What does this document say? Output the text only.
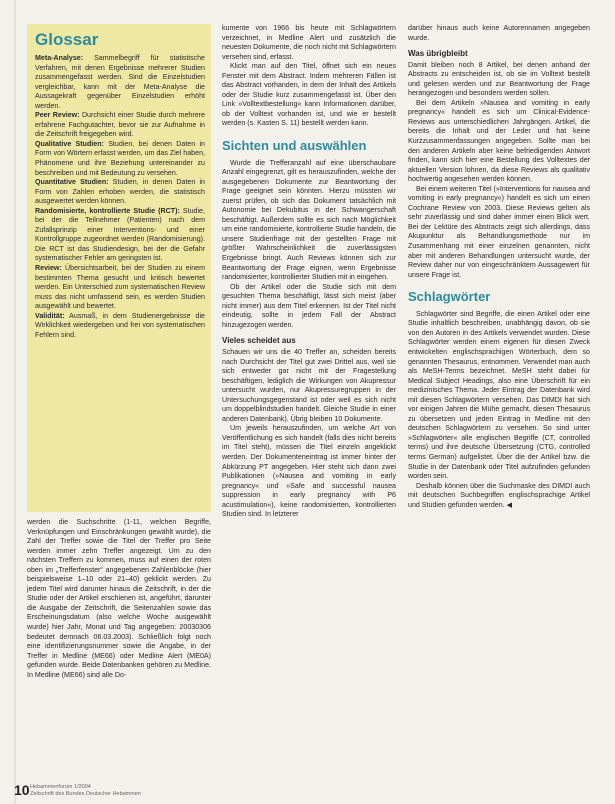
Glossar

Meta-Analyse: Sammelbegriff für statistische Verfahren, mit denen Ergebnisse mehrerer Studien zusammengefasst werden. Sind die Einzelstudien vergleichbar, kann mit der Meta-Analyse die Aussagekraft gegenüber Einzelstudien erhöht werden.

Peer Review: Durchsicht einer Studie durch mehrere erfahrene Fachgutachter, bevor sie zur Aufnahme in die Zeitschrift freigegeben wird.

Qualitative Studien: Studien, bei denen Daten in Form von Wörtern erfasst werden, um das Ziel haben, Phänomene und ihre Beziehung untereinander zu beschreiben und mit Bedeutung zu versehen.

Quantitative Studien: Studien, in denen Daten in Form von Zahlen erhoben werden, die statistisch ausgewertet werden können.

Randomisierte, kontrollierte Studie (RCT): Studie, bei der die Teilnehmer (Patienten) nach dem Zufallsprinzip einer Interventions- und einer Kontrollgruppe zugeordnet werden (Randomisierung). Die RCT ist das Studiendesign, bei der die Gefahr systematischer Fehler am geringsten ist.

Review: Übersichtsarbeit, bei der Studien zu einem bestimmten Thema gesucht und kritisch bewertet werden. Ein Unterschied zum systematischen Review muss das nicht umfassend sein, es werden Studien ausgewählt und bewertet.

Validität: Ausmaß, in dem Studienergebnisse die Wirklichkeit wiedergeben und frei von systematischen Fehlern sind.

werden die Suchschritte (1-11, welchen Begriffe, Verknüpfungen und Einschränkungen gewählt wurde), die Zahl der Treffer sowie die Titel der Treffer pro Seite werden immer zehn Treffer angezeigt. Um zu den nächsten Treffern zu kommen, muss auf einen der roten oben im „Trefferfenster“ angegebenen Zahlenblöcke (hier beispielsweise 1–10 oder 21–40) geklickt werden. Zu jedem Titel wird darunter hinaus die Zeitschrift, in der die Studie oder der Artikel erschienen ist, angeführt, darunter die Ausgabe der Zeitschrift, die Seitenzahlen sowie das Erscheinungsdatum (also welche Woche ausgewählt wurde) hier Jahr, Monat und Tag angegeben: 20030306 bedeutet demnach 06.03.2003). Schließlich folgt noch eine identifizierungsnummer sowie die Angabe, in der Treffer in Medline (ME66) oder Medline Alert (ME0A) gefunden wurde. Beide Datenbanken gehören zu Medline. In Medline (ME66) sind alle Do-

kumente von 1966 bis heute mit Schlagwörtern verzeichnet, in Medline Alert und zusätzlich die neuesten Dokumente, die noch nicht mit Schlagwörtern versehen sind, erfasst.

Klickt man auf den Titel, öffnet sich ein neues Fenster mit dem Abstract. Indem mehreren Fällen ist das Abstract vorhanden, in dem der Inhalt des Artikels oder der Studie kurz zusammengefasst ist. Über den Link »Volltextbestellung« kann Informationen darüber, ob der Volltext vorhanden ist, und wie er bestellt werden (s. Kasten S. 11) bestellt werden kann.

Sichten und auswählen

Wurde die Trefferanzahl auf eine überschaubare Anzahl eingegrenzt, gilt es herauszufinden, welche der ausgegebenen Dokumente zur Beantwortung der Frage geeignet sein könnten. Hierzu müssten wir zuerst prüfen, ob sich das Dokument tatsächlich mit Autonomie bei Dekubitus in der Schwangerschaft beschäftigt. Außerdem sollte es sich nach Möglichkeit um eine randomisierte, kontrollierte Studie handeln, die unsere Studienfrage mit der gestellten Frage mit größter Wahrscheinlichkeit die zuverlässigsten Ergebnisse bringt. Auch Reviews können sich zur Beantwortung der Frage eignen, wenn Ergebnisse randomisierter, kontrollierter Studien mit in eingehen.

Ob der Artikel oder die Studie sich mit dem gesuchten Thema beschäftigt, lässt sich meist (aber nicht immer) aus dem Titel erkennen. Ist der Titel nicht eindeutig, sollte in jedem Fall der Abstract hinzugezogen werden.

Vieles scheidet aus

Schauen wir uns die 40 Treffer an, scheiden bereits nach Durchsicht der Titel gut zwei Drittel aus, weil sie sich entweder gar nicht mit der Fragestellung beschäftigen, lediglich die Wirkungen von Akupressur untersucht wurden, nur Akupressuregruppen in der Untersuchungsgegenstand ist oder weil es sich nicht um doppelblindstudien handelt. Gleiche Studie in einer anderen Datenbank). Übrig bleiben 10 Dokumente.

Um jeweils herauszufinden, um welche Art von Veröffentlichung es sich handelt (falls dies nicht bereits im Titel steht), müssen die Titel einzeln angeklickt werden. Der Dokumenteneintrag ist immer hinter der Abkürzung PT angegeben. Hier steht sich dann zwei Publikationen (»Nausea and vomiting in early pregnancy« und »Safe and successful nausea suppression in early pregnancy with P6 acustimulation«), keine randomisierten, kontrollierten Studien sind. In letzterer

darüber hinaus auch keine Autorennamen angegeben wurde.

Was übrigbleibt

Damit bleiben noch 8 Artikel, bei denen anhand der Abstracts zu entscheiden ist, ob sie im Volltext bestellt und gelesen werden und zur Beantwortung der Frage herangezogen und besonders werden sollen.

Bei dem Artikeln »Nausea and vomiting in early pregnancy« handelt es sich um Clinical-Evidence-Reviews aus unterschiedlichen Jahrgängen. Artikel, die bereits die Inhalt und der Leder und hat keine Kurzzusammenfassungen angegeben. Sollte man bei den anderen Artikeln aber keine befriedigenden Antwort finden, kann sich hier eine Bestellung des Volltextes der aktuellen Version lohnen, da diese Reviews als qualitativ hochwertig angesehen werden können.

Bei einem weiteren Titel (»Interventions for nausea and vomiting in early pregnancy«) handelt es sich um einen Cochrane Review von 2003. Diese Reviews gelten als sehr zuverlässig und sind daher immer einen Blick wert. Bei der Lektüre des Abstracts zeigt sich allerdings, dass Akupunktur als Behandlungsmethode nur im Zusammenhang mit einer einzelnen genannten, nicht aber mit anderen Behandlungen untersucht wurde, der Review daher nur von eingeschränktem Aussagewert für unsere Frage ist.

Schlagwörter

Schlagwörter sind Begriffe, die einen Artikel oder eine Studie inhaltlich beschreiben, unabhängig davon, ob sie von den Autoren in des Artikels verwendet wurden. Diese Schlagwörter werden einem eigenen für diesen Zweck entwickelten englischsprachigen Wörterbuch, dem so genannten Thesaurus, entnommen. Verwendet man auch als MeSH-Terms bezeichnet. MeSH steht dabei für Medical Subject Headings, also eine Überschrift für ein medizinisches Thema. Jeder Eintrag der Datenbank wird mit diesen Schlagwörtern versehen. Das DIMDI hat sich vor einigen Jahren die Mühe gemacht, diesen Thesaurus zu übersetzen und jeden Eintrag in Medline mit den deutschen Schlagwörtern zu versehen. So sind unter »Schlagwörter« alle englischen Begriffe (CT, controlled terms) und ihre deutsche Übersetzung (CTG, controlled terms German) aufgelistet. Über die der Artikel bzw. die Studie in der Datenbank oder Titel aufzufinden gefunden worden sein.

Deshalb können über die Suchmaske des DIMDI auch mit deutschen Suchbegriffen englischsprachige Artikel und Studien gefunden werden. ◀

10 Hebammenforum 1/2004
Zeitschrift des Bundes Deutscher Hebammen
